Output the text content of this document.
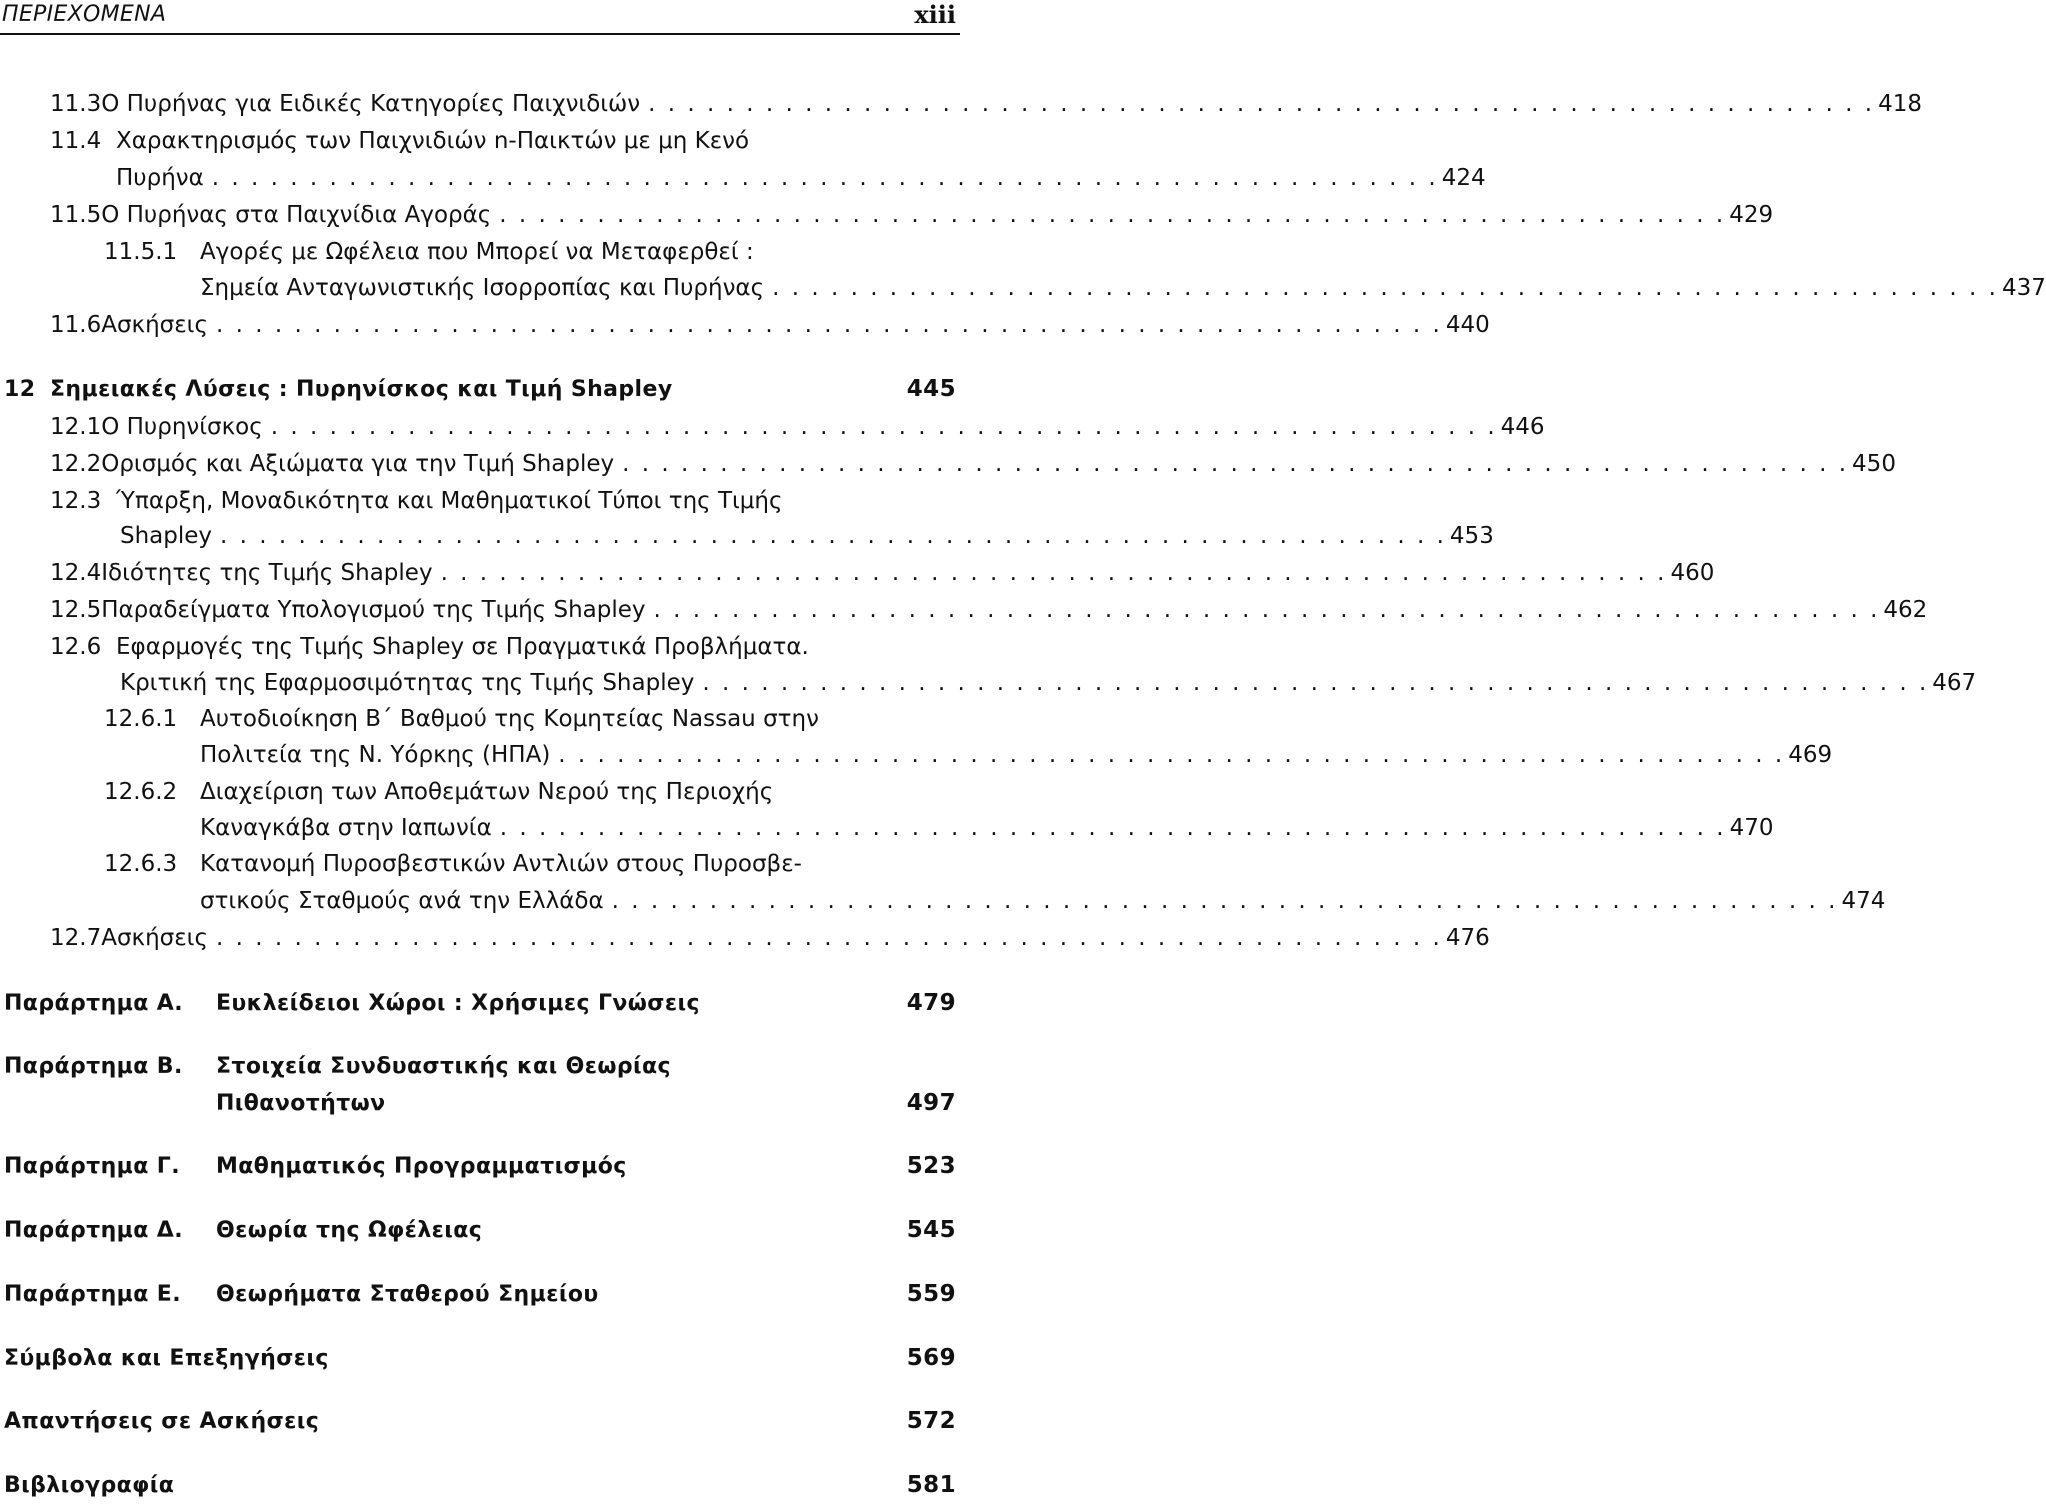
ΠΕΡΙΕΧΟΜΕΝΑ	xiii
11.3 Ο Πυρήνας για Ειδικές Κατηγορίες Παιχνιδιών . . .	418
11.4 Χαρακτηρισμός των Παιχνιδιών n-Παικτών με μη Κενό
Πυρήνα . . .	424
11.5 Ο Πυρήνας στα Παιχνίδια Αγοράς . . .	429
11.5.1 Αγορές με Ωφέλεια που Μπορεί να Μεταφερθεί :
Σημεία Ανταγωνιστικής Ισορροπίας και Πυρήνας . . .	437
11.6 Ασκήσεις . . .	440
12 Σημειακές Λύσεις : Πυρηνίσκος και Τιμή Shapley	445
12.1 Ο Πυρηνίσκος . . .	446
12.2 Ορισμός και Αξιώματα για την Τιμή Shapley . . .	450
12.3 Ύπαρξη, Μοναδικότητα και Μαθηματικοί Τύποι της Τιμής
Shapley . . .	453
12.4 Ιδιότητες της Τιμής Shapley . . .	460
12.5 Παραδείγματα Υπολογισμού της Τιμής Shapley . . .	462
12.6 Εφαρμογές της Τιμής Shapley σε Πραγματικά Προβλήματα.
Κριτική της Εφαρμοσιμότητας της Τιμής Shapley . . .	467
12.6.1 Αυτοδιοίκηση Β΄ Βαθμού της Κομητείας Nassau στην
Πολιτεία της Ν. Υόρκης (ΗΠΑ) . . .	469
12.6.2 Διαχείριση των Αποθεμάτων Νερού της Περιοχής
Καναγκάβα στην Ιαπωνία . . .	470
12.6.3 Κατανομή Πυροσβεστικών Αντλιών στους Πυροσβε-
στικούς Σταθμούς ανά την Ελλάδα . . .	474
12.7 Ασκήσεις . . .	476
Παράρτημα Α.	Ευκλείδειοι Χώροι : Χρήσιμες Γνώσεις	479
Παράρτημα Β.	Στοιχεία Συνδυαστικής και Θεωρίας
Πιθανοτήτων	497
Παράρτημα Γ.	Μαθηματικός Προγραμματισμός	523
Παράρτημα Δ.	Θεωρία της Ωφέλειας	545
Παράρτημα Ε.	Θεωρήματα Σταθερού Σημείου	559
Σύμβολα και Επεξηγήσεις	569
Απαντήσεις σε Ασκήσεις	572
Βιβλιογραφία	581
